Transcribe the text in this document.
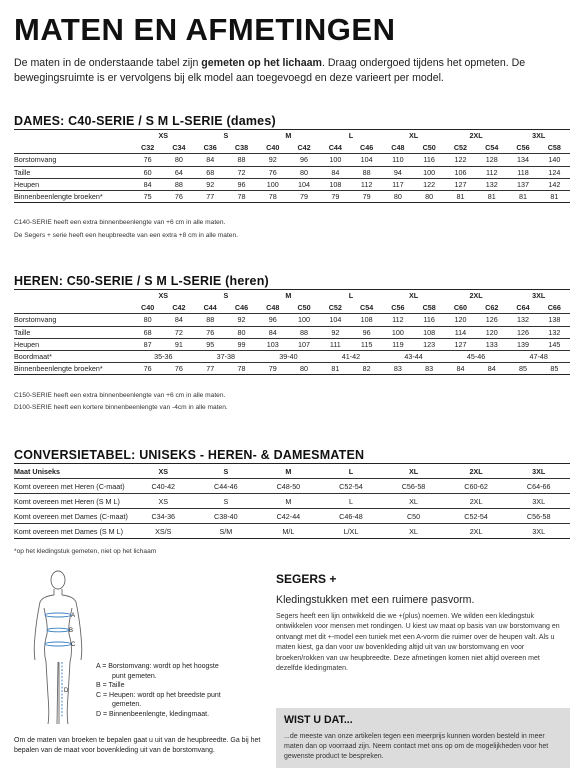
MATEN EN AFMETINGEN
De maten in de onderstaande tabel zijn gemeten op het lichaam. Draag ondergoed tijdens het opmeten. De bewegingsruimte is er vervolgens bij elk model aan toegevoegd en deze varieert per model.
DAMES: C40-SERIE / S M L-SERIE (dames)
	XS		S		M		L		XL		2XL		3XL	
	C32	C34	C36	C38	C40	C42	C44	C46	C48	C50	C52	C54	C56	C58
Borstomvang	76	80	84	88	92	96	100	104	110	116	122	128	134	140
Taille	60	64	68	72	76	80	84	88	94	100	106	112	118	124
Heupen	84	88	92	96	100	104	108	112	117	122	127	132	137	142
Binnenbeenlengte broeken*	75	76	77	78	78	79	79	79	80	80	81	81	81	81
C140-SERIE heeft een extra binnenbeenlengte van +6 cm in alle maten.
De Segers + serie heeft een heupbreedte van een extra +8 cm in alle maten.
HEREN: C50-SERIE / S M L-SERIE (heren)
	XS		S		M		L		XL		2XL		3XL	
	C40	C42	C44	C46	C48	C50	C52	C54	C56	C58	C60	C62	C64	C66
Borstomvang	80	84	88	92	96	100	104	108	112	116	120	126	132	138
Taille	68	72	76	80	84	88	92	96	100	108	114	120	126	132
Heupen	87	91	95	99	103	107	111	115	119	123	127	133	139	145
Boordmaat*	35-36		37-38		39-40		41-42		43-44		45-46		47-48	
Binnenbeenlengte broeken*	76	76	77	78	79	80	81	82	83	83	84	84	85	85
C150-SERIE heeft een extra binnenbeenlengte van +6 cm in alle maten.
D100-SERIE heeft een kortere binnenbeenlengte van -4cm in alle maten.
CONVERSIETABEL: UNISEKS - HEREN- & DAMESMATEN
Maat Uniseks	XS	S	M	L	XL	2XL	3XL
Komt overeen met Heren (C-maat)	C40-42	C44-46	C48-50	C52-54	C56-58	C60-62	C64-66
Komt overeen met Heren (S M L)	XS	S	M	L	XL	2XL	3XL
Komt overeen met Dames (C-maat)	C34-36	C38-40	C42-44	C46-48	C50	C52-54	C56-58
Komt overeen met Dames (S M L)	XS/S	S/M	M/L	L/XL	XL	2XL	3XL
*op het kledingstuk gemeten, niet op het lichaam
A
B
C
D
A = Borstomvang: wordt op het hoogste
punt gemeten.
B = Taille
C = Heupen: wordt op het breedste punt
gemeten.
D = Binnenbeenlengte, kledingmaat.
Om de maten van broeken te bepalen gaat u uit van de heupbreedte. Ga bij het bepalen van de maat voor bovenkleding uit van de borstomvang.
SEGERS +
Kledingstukken met een ruimere pasvorm.
Segers heeft een lijn ontwikkeld die we +(plus) noemen. We wilden een kledingstuk ontwikkelen voor mensen met rondingen. U kiest uw maat op basis van uw borstomvang en ontvangt met dit +-model een tuniek met een A-vorm die ruimer over de heupen valt. Als u maten kiest, ga dan voor uw bovenkleding altijd uit van uw borstomvang en voor broeken/rokken van uw heupbreedte. Deze afmetingen komen niet altijd overeen met dezelfde kledingmaten.
WIST U DAT...
...de meeste van onze artikelen tegen een meerprijs kunnen worden besteld in meer maten dan op voorraad zijn. Neem contact met ons op om de mogelijkheden voor het gewenste product te bespreken.
